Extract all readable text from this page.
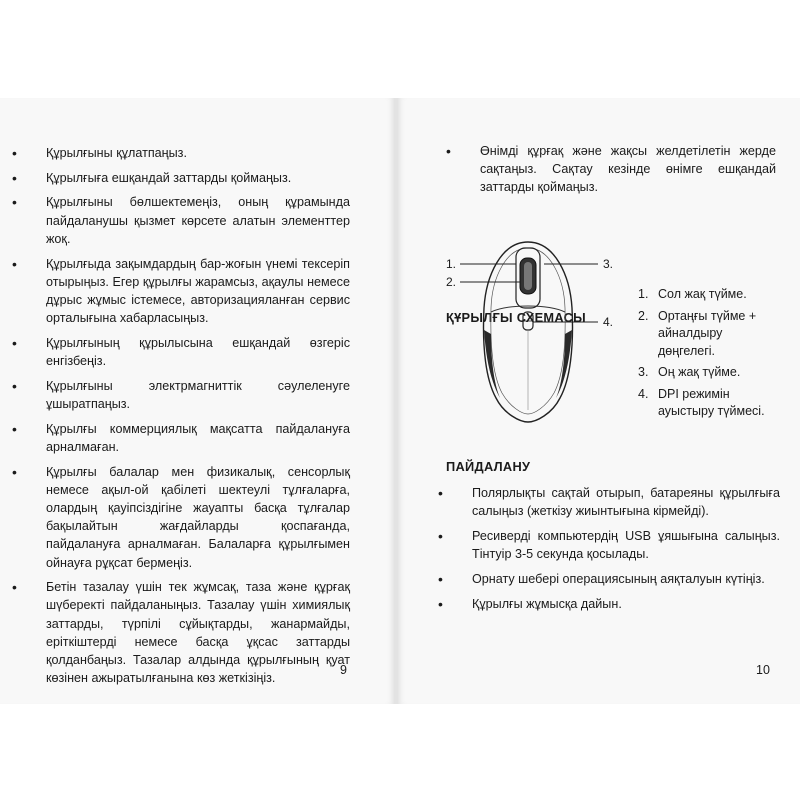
• Құрылғыны құлатпаңыз.
• Құрылғыға ешқандай заттарды қоймаңыз.
• Құрылғыны бөлшектемеңіз, оның құрамында пайдаланушы қызмет көрсете алатын элементтер жоқ.
• Құрылғыда зақымдардың бар-жоғын үнемі тексеріп отырыңыз. Егер құрылғы жарамсыз, ақаулы немесе дұрыс жұмыс істемесе, авторизацияланған сервис орталығына хабарласыңыз.
• Құрылғының құрылысына ешқандай өзгеріс енгізбеңіз.
• Құрылғыны электрмагниттік сәулеленуге ұшыратпаңыз.
• Құрылғы коммерциялық мақсатта пайдалануға арналмаған.
• Құрылғы балалар мен физикалық, сенсорлық немесе ақыл-ой қабілеті шектеулі тұлғаларға, олардың қауіпсіздігіне жауапты басқа тұлғалар бақылайтын жағдайларды қоспағанда, пайдалануға арналмаған. Балаларға құрылғымен ойнауға рұқсат бермеңіз.
• Бетін тазалау үшін тек жұмсақ, таза және құрғақ шүберекті пайдаланыңыз. Тазалау үшін химиялық заттарды, түрпілі сұйықтарды, жанармайды, еріткіштерді немесе басқа ұқсас заттарды қолданбаңыз. Тазалар алдында құрылғының қуат көзінен ажыратылғанына көз жеткізіңіз.
9
• Өнімді құрғақ және жақсы желдетілетін жерде сақтаңыз. Сақтау кезінде өнімге ешқандай заттарды қоймаңыз.
ҚҰРЫЛҒЫ СХЕМАСЫ
1.
2.
3.
4.
1. Сол жақ түйме.
2. Ортаңғы түйме + айналдыру дөңгелегі.
3. Оң жақ түйме.
4. DPI режимін ауыстыру түймесі.
ПАЙДАЛАНУ
• Полярлықты сақтай отырып, батареяны құрылғыға салыңыз (жеткізу жиынтығына кірмейді).
• Ресиверді компьютердің USB ұяшығына салыңыз. Тінтуір 3-5 секунда қосылады.
• Орнату шебері операциясының аяқталуын күтіңіз.
• Құрылғы жұмысқа дайын.
10
